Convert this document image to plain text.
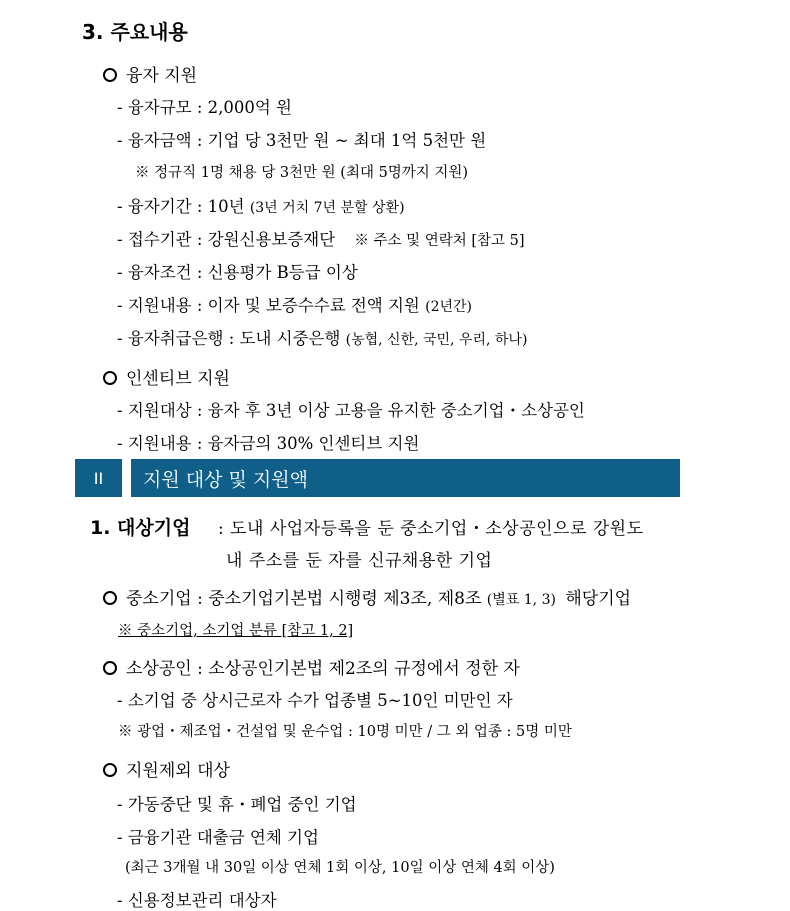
3. 주요내용
융자 지원
- 융자규모 : 2,000억 원
- 융자금액 : 기업 당 3천만 원 ~ 최대 1억 5천만 원
※ 정규직 1명 채용 당 3천만 원 (최대 5명까지 지원)
- 융자기간 : 10년 (3년 거치 7년 분할 상환)
- 접수기관 : 강원신용보증재단 ※ 주소 및 연락처 [참고 5]
- 융자조건 : 신용평가 B등급 이상
- 지원내용 : 이자 및 보증수수료 전액 지원 (2년간)
- 융자취급은행 : 도내 시중은행 (농협, 신한, 국민, 우리, 하나)
인센티브 지원
- 지원대상 : 융자 후 3년 이상 고용을 유지한 중소기업・소상공인
- 지원내용 : 융자금의 30% 인센티브 지원
II	지원 대상 및 지원액
1. 대상기업 : 도내 사업자등록을 둔 중소기업・소상공인으로 강원도
내 주소를 둔 자를 신규채용한 기업
중소기업 : 중소기업기본법 시행령 제3조, 제8조 (별표 1, 3) 해당기업
※ 중소기업, 소기업 분류 [참고 1, 2]
소상공인 : 소상공인기본법 제2조의 규정에서 정한 자
- 소기업 중 상시근로자 수가 업종별 5~10인 미만인 자
※ 광업・제조업・건설업 및 운수업 : 10명 미만 / 그 외 업종 : 5명 미만
지원제외 대상
- 가동중단 및 휴・폐업 중인 기업
- 금융기관 대출금 연체 기업
(최근 3개월 내 30일 이상 연체 1회 이상, 10일 이상 연체 4회 이상)
- 신용정보관리 대상자
